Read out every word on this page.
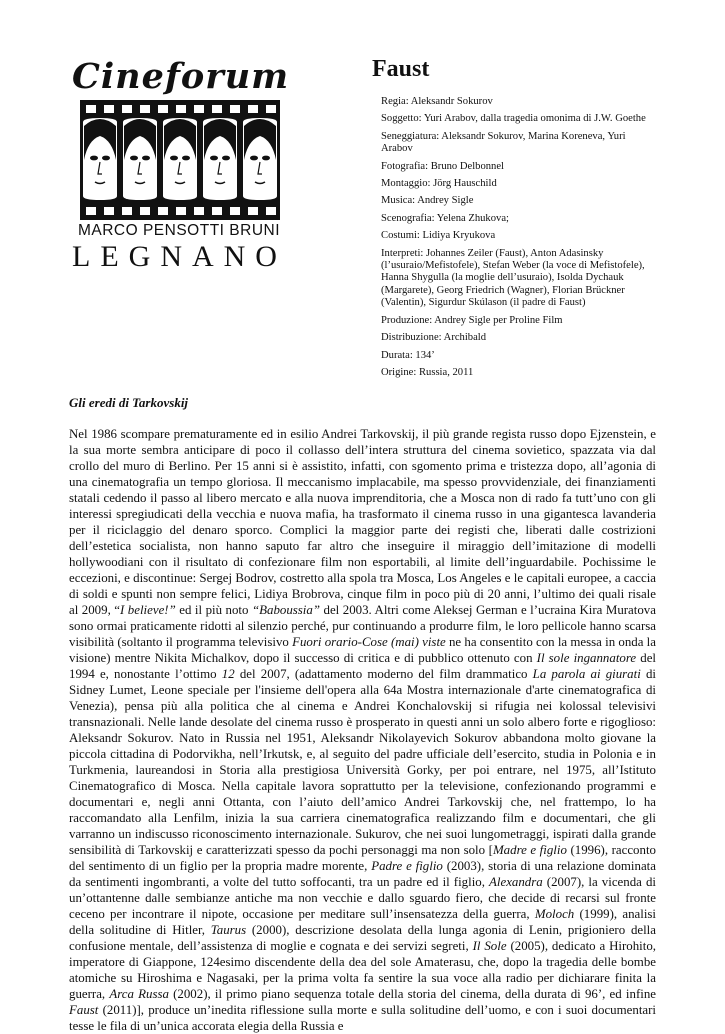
Cineforum
MARCO PENSOTTI BRUNI
LEGNANO
Faust
Regia: Aleksandr Sokurov
Soggetto: Yuri Arabov, dalla tragedia omonima di J.W. Goethe
Seneggiatura: Aleksandr Sokurov, Marina Koreneva, Yuri Arabov
Fotografia: Bruno Delbonnel
Montaggio: Jörg Hauschild
Musica: Andrey Sigle
Scenografia: Yelena Zhukova;
Costumi: Lidiya Kryukova
Interpreti: Johannes Zeiler (Faust), Anton Adasinsky (l’usuraio/Mefistofele), Stefan Weber (la voce di Mefistofele), Hanna Shygulla (la moglie dell’usuraio), Isolda Dychauk (Margarete), Georg Friedrich (Wagner), Florian Brückner (Valentin), Sigurdur Skúlason (il padre di Faust)
Produzione: Andrey Sigle per Proline Film
Distribuzione: Archibald
Durata: 134’
Origine: Russia, 2011
Gli eredi di Tarkovskij

Nel 1986 scompare prematuramente ed in esilio Andrei Tarkovskij, il più grande regista russo dopo Ejzenstein, e la sua morte sembra anticipare di poco il collasso dell’intera struttura del cinema sovietico, spazzata via dal crollo del muro di Berlino. Per 15 anni si è assistito, infatti, con sgomento prima e tristezza dopo, all’agonia di una cinematografia un tempo gloriosa. Il meccanismo implacabile, ma spesso provvidenziale, dei finanziamenti statali cedendo il passo al libero mercato e alla nuova imprenditoria, che a Mosca non di rado fa tutt’uno con gli interessi spregiudicati della vecchia e nuova mafia, ha trasformato il cinema russo in una gigantesca lavanderia per il riciclaggio del denaro sporco. Complici la maggior parte dei registi che, liberati dalle costrizioni dell’estetica socialista, non hanno saputo far altro che inseguire il miraggio dell’imitazione di modelli hollywoodiani con il risultato di confezionare film non esportabili, al limite dell’inguardabile. Pochissime le eccezioni, e discontinue: Sergej Bodrov, costretto alla spola tra Mosca, Los Angeles e le capitali europee, a caccia di soldi e spunti non sempre felici, Lidiya Brobrova, cinque film in poco più di 20 anni, l’ultimo dei quali risale al 2009, “I believe!” ed il più noto “Baboussia” del 2003. Altri come Aleksej German e l’ucraina Kira Muratova sono ormai praticamente ridotti al silenzio perché, pur continuando a produrre film, le loro pellicole hanno scarsa visibilità (soltanto il programma televisivo Fuori orario-Cose (mai) viste ne ha consentito con la messa in onda la visione) mentre Nikita Michalkov, dopo il successo di critica e di pubblico ottenuto con Il sole ingannatore del 1994 e, nonostante l’ottimo 12 del 2007, (adattamento moderno del film drammatico La parola ai giurati di Sidney Lumet, Leone speciale per l'insieme dell'opera alla 64a Mostra internazionale d'arte cinematografica di Venezia), pensa più alla politica che al cinema e Andrei Konchalovskij si rifugia nei kolossal televisivi transnazionali. Nelle lande desolate del cinema russo è prosperato in questi anni un solo albero forte e rigoglioso: Aleksandr Sokurov. Nato in Russia nel 1951, Aleksandr Nikolayevich Sokurov abbandona molto giovane la piccola cittadina di Podorvikha, nell’Irkutsk, e, al seguito del padre ufficiale dell’esercito, studia in Polonia e in Turkmenia, laureandosi in Storia alla prestigiosa Università Gorky, per poi entrare, nel 1975, all’Istituto Cinematografico di Mosca. Nella capitale lavora soprattutto per la televisione, confezionando programmi e documentari e, negli anni Ottanta, con l’aiuto dell’amico Andrei Tarkovskij che, nel frattempo, lo ha raccomandato alla Lenfilm, inizia la sua carriera cinematografica realizzando film e documentari, che gli varranno un indiscusso riconoscimento internazionale. Sukurov, che nei suoi lungometraggi, ispirati dalla grande sensibilità di Tarkovskij e caratterizzati spesso da pochi personaggi ma non solo [Madre e figlio (1996), racconto del sentimento di un figlio per la propria madre morente, Padre e figlio (2003), storia di una relazione dominata da sentimenti ingombranti, a volte del tutto soffocanti, tra un padre ed il figlio, Alexandra (2007), la vicenda di un’ottantenne dalle sembianze antiche ma non vecchie e dallo sguardo fiero, che decide di recarsi sul fronte ceceno per incontrare il nipote, occasione per meditare sull’insensatezza della guerra, Moloch (1999), analisi della solitudine di Hitler, Taurus (2000), descrizione desolata della lunga agonia di Lenin, prigioniero della confusione mentale, dell’assistenza di moglie e cognata e dei servizi segreti, Il Sole (2005), dedicato a Hirohito, imperatore di Giappone, 124esimo discendente della dea del sole Amaterasu, che, dopo la tragedia delle bombe atomiche su Hiroshima e Nagasaki, per la prima volta fa sentire la sua voce alla radio per dichiarare finita la guerra, Arca Russa (2002), il primo piano sequenza totale della storia del cinema, della durata di 96’, ed infine Faust (2011)], produce un’inedita riflessione sulla morte e sulla solitudine dell’uomo, e con i suoi documentari tesse le fila di un’unica accorata elegia della Russia e
